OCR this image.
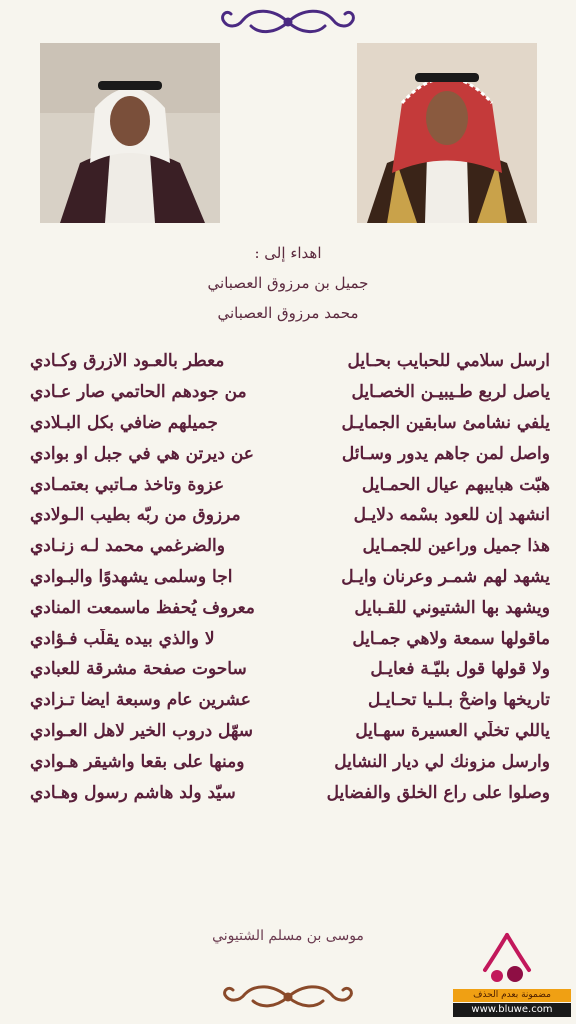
اهداء إلى :
جميل بن مرزوق العصباني
محمد مرزوق العصباني
ارسل سلامي للحبايب بحـايل
معطر بالعـود الازرق وكـادي
ياصل لربع طـيبيـن الخصـايل
من جودهم الحاتمي صار عـادي
يلفي نشامئ سابقين الجمايـل
جميلهم ضافي بكل البـلادي
واصل لمن جاهم يدور وسـائل
عن ديرتن هي في جبل او بوادي
هبّت هبايبهم عيال الحمـايل
عزوة وتاخذ مـاتبي بعتمـادي
انشهد إن للعود بسْمه دلايـل
مرزوق من ربّه بطيب الـولادي
هذا جميل وراعين للجمـايل
والضرغمي محمد لـه زنـادي
يشهد لهم شمـر وعرنان وايـل
اجا وسلمى يشهدوًا والبـوادي
ويشهد بها الشتيوني للقـبايل
معروف يُحفظ ماسمعت المنادي
ماقولها سمعة ولاهي جمـايل
لا والذي بيده يقلّب فـؤادي
ولا قولها قول بليّـة فعايـل
ساحوت صفحة مشرقة للعبادي
تاريخها واضحْ بـلـيا تحـايـل
عشرين عام وسبعة ايضا تـزادي
ياللي تخلّي العسيرة سهـايل
سهّل دروب الخير لاهل العـوادي
وارسل مزونك لي ديار النشايل
ومنها على بقعا واشيقر هـوادي
وصلوا على راع الخلق والفضايل
سيّد ولد هاشم رسول وهـادي
موسى بن مسلم الشتيوني
مضمونة بعدم الحذف
www.bluwe.com
